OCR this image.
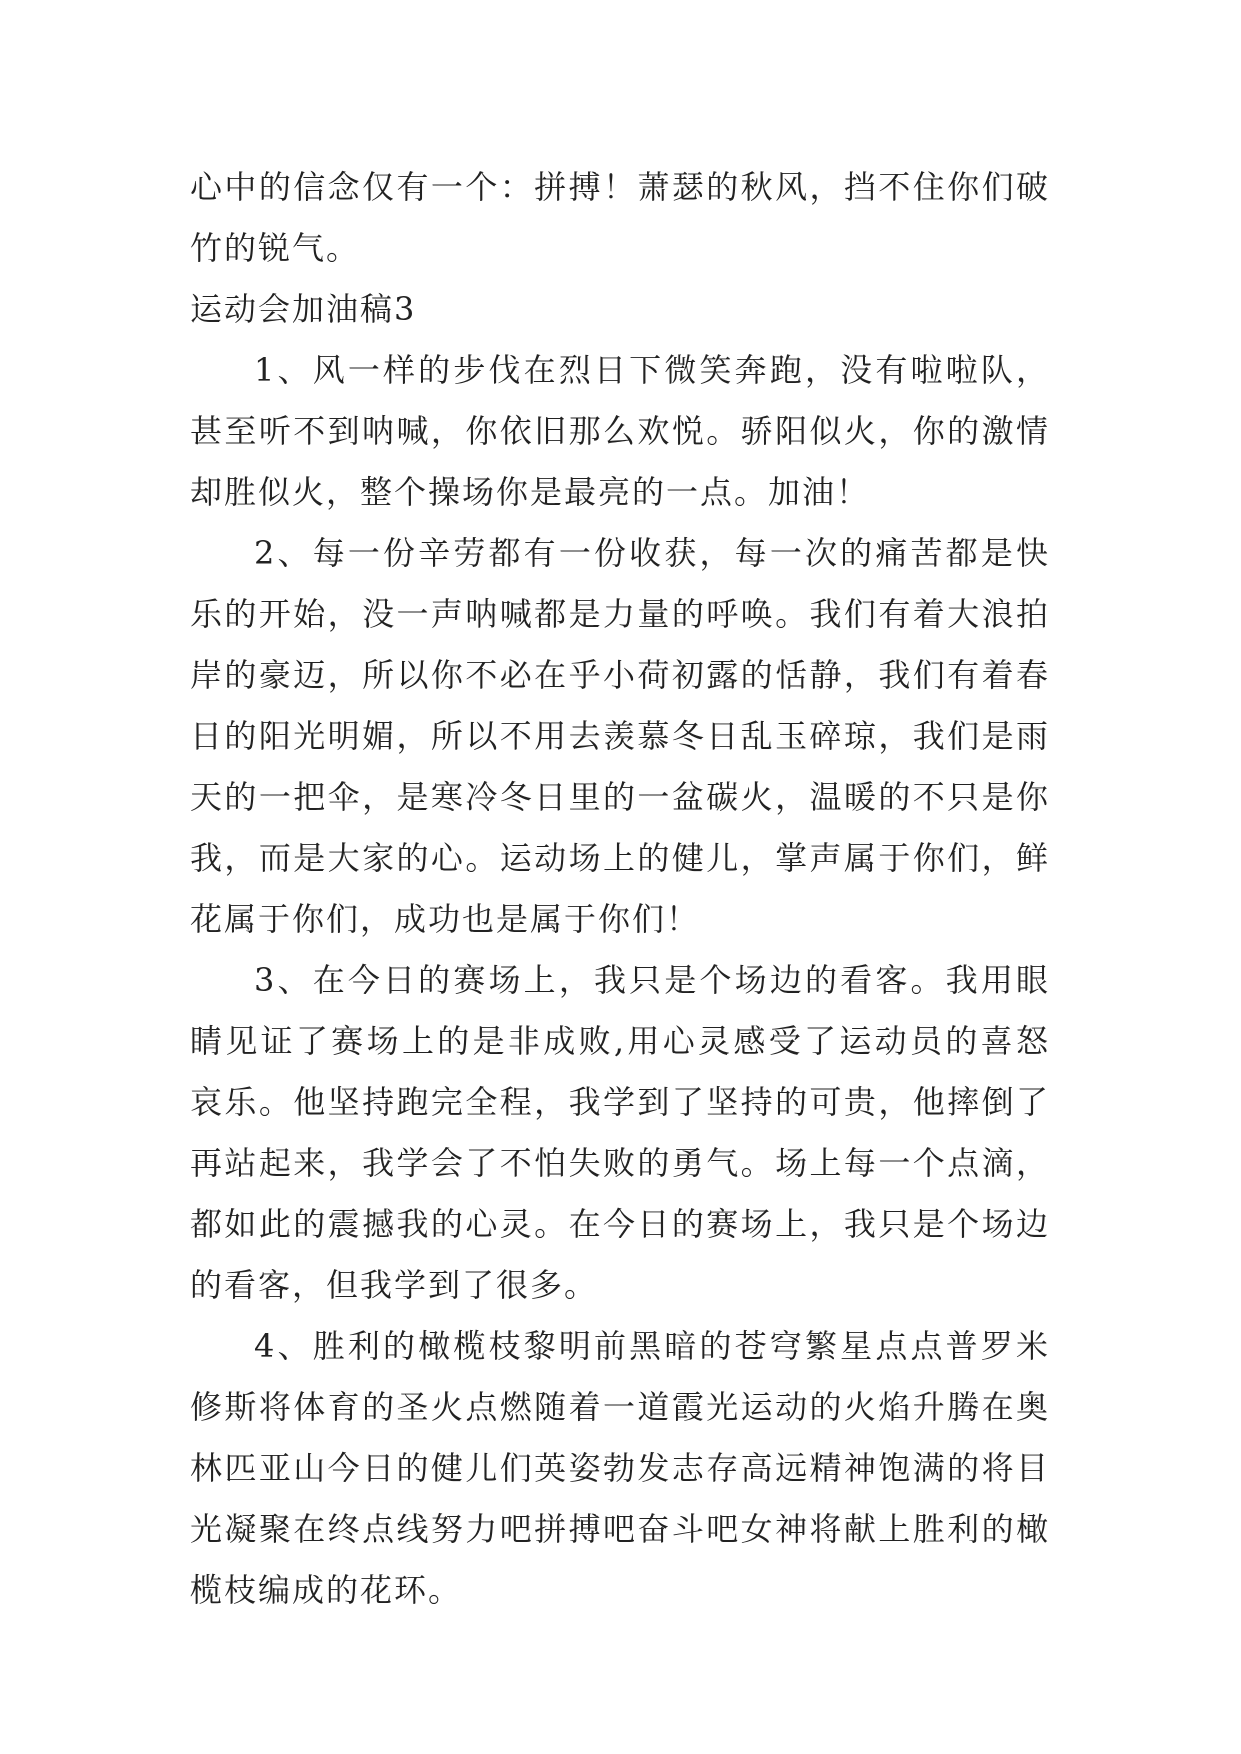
心中的信念仅有一个：拼搏！萧瑟的秋风，挡不住你们破竹的锐气。

运动会加油稿3

1、风一样的步伐在烈日下微笑奔跑，没有啦啦队，甚至听不到呐喊，你依旧那么欢悦。骄阳似火，你的激情却胜似火，整个操场你是最亮的一点。加油！

2、每一份辛劳都有一份收获，每一次的痛苦都是快乐的开始，没一声呐喊都是力量的呼唤。我们有着大浪拍岸的豪迈，所以你不必在乎小荷初露的恬静，我们有着春日的阳光明媚，所以不用去羡慕冬日乱玉碎琼，我们是雨天的一把伞，是寒冷冬日里的一盆碳火，温暖的不只是你我，而是大家的心。运动场上的健儿，掌声属于你们，鲜花属于你们，成功也是属于你们！

3、在今日的赛场上，我只是个场边的看客。我用眼睛见证了赛场上的是非成败,用心灵感受了运动员的喜怒哀乐。他坚持跑完全程，我学到了坚持的可贵，他摔倒了再站起来，我学会了不怕失败的勇气。场上每一个点滴，都如此的震撼我的心灵。在今日的赛场上，我只是个场边的看客，但我学到了很多。

4、胜利的橄榄枝黎明前黑暗的苍穹繁星点点普罗米修斯将体育的圣火点燃随着一道霞光运动的火焰升腾在奥林匹亚山今日的健儿们英姿勃发志存高远精神饱满的将目光凝聚在终点线努力吧拼搏吧奋斗吧女神将献上胜利的橄榄枝编成的花环。
